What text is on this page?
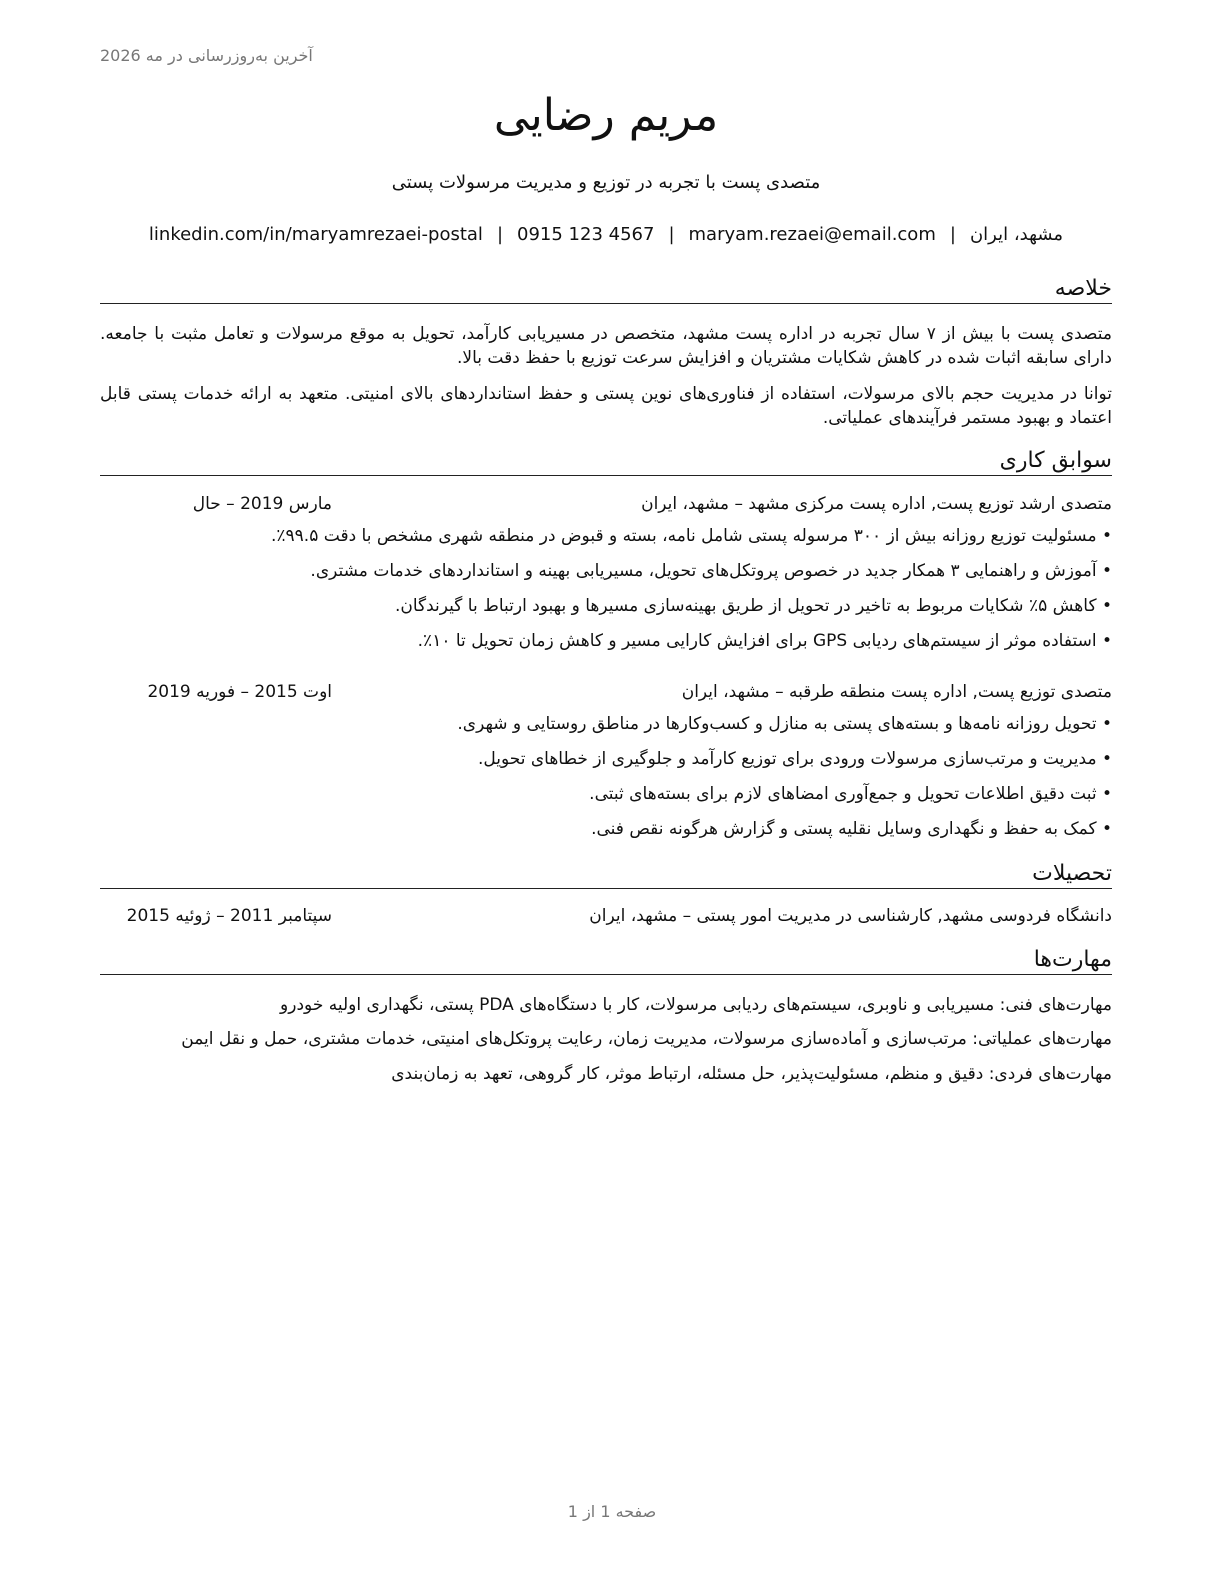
آخرین به‌روزرسانی در مه 2026
مریم رضایی

متصدی پست با تجربه در توزیع و مدیریت مرسولات پستی

مشهد، ایران|maryam.rezaei@email.com|0915 123 4567|linkedin.com/in/maryamrezaei-postal
خلاصه

متصدی پست با بیش از ۷ سال تجربه در اداره پست مشهد، متخصص در مسیریابی کارآمد، تحویل به موقع مرسولات و تعامل مثبت با جامعه. دارای سابقه اثبات شده در کاهش شکایات مشتریان و افزایش سرعت توزیع با حفظ دقت بالا.

توانا در مدیریت حجم بالای مرسولات، استفاده از فناوری‌های نوین پستی و حفظ استانداردهای بالای امنیتی. متعهد به ارائه خدمات پستی قابل اعتماد و بهبود مستمر فرآیندهای عملیاتی.

سوابق کاری
متصدی ارشد توزیع پست, اداره پست مرکزی مشهد – مشهد، ایران
مارس 2019 – حال
• مسئولیت توزیع روزانه بیش از ۳۰۰ مرسوله پستی شامل نامه، بسته و قبوض در منطقه شهری مشخص با دقت ۹۹.۵٪.
• آموزش و راهنمایی ۳ همکار جدید در خصوص پروتکل‌های تحویل، مسیریابی بهینه و استانداردهای خدمات مشتری.
• کاهش ۵٪ شکایات مربوط به تاخیر در تحویل از طریق بهینه‌سازی مسیرها و بهبود ارتباط با گیرندگان.
• استفاده موثر از سیستم‌های ردیابی GPS برای افزایش کارایی مسیر و کاهش زمان تحویل تا ۱۰٪.
متصدی توزیع پست, اداره پست منطقه طرقبه – مشهد، ایران
اوت 2015 – فوریه 2019
• تحویل روزانه نامه‌ها و بسته‌های پستی به منازل و کسب‌وکارها در مناطق روستایی و شهری.
• مدیریت و مرتب‌سازی مرسولات ورودی برای توزیع کارآمد و جلوگیری از خطاهای تحویل.
• ثبت دقیق اطلاعات تحویل و جمع‌آوری امضاهای لازم برای بسته‌های ثبتی.
• کمک به حفظ و نگهداری وسایل نقلیه پستی و گزارش هرگونه نقص فنی.
تحصیلات
دانشگاه فردوسی مشهد, کارشناسی در مدیریت امور پستی – مشهد، ایران
سپتامبر 2011 – ژوئیه 2015
مهارت‌ها
مهارت‌های فنی: مسیریابی و ناوبری، سیستم‌های ردیابی مرسولات، کار با دستگاه‌های PDA پستی، نگهداری اولیه خودرو
مهارت‌های عملیاتی: مرتب‌سازی و آماده‌سازی مرسولات، مدیریت زمان، رعایت پروتکل‌های امنیتی، خدمات مشتری، حمل و نقل ایمن
مهارت‌های فردی: دقیق و منظم، مسئولیت‌پذیر، حل مسئله، ارتباط موثر، کار گروهی، تعهد به زمان‌بندی
صفحه 1 از 1
